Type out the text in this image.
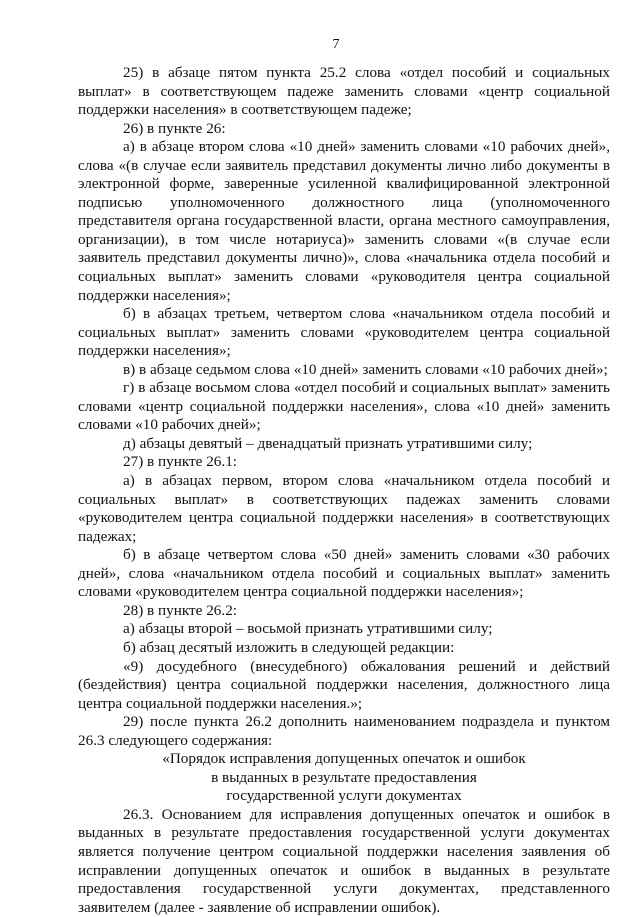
7

25) в абзаце пятом пункта 25.2 слова «отдел пособий и социальных выплат» в соответствующем падеже заменить словами «центр социальной поддержки населения» в соответствующем падеже;

26) в пункте 26:

а) в абзаце втором слова «10 дней» заменить словами «10 рабочих дней», слова «(в случае если заявитель представил документы лично либо документы в электронной форме, заверенные усиленной квалифицированной электронной подписью уполномоченного должностного лица (уполномоченного представителя органа государственной власти, органа местного самоуправления, организации), в том числе нотариуса)» заменить словами «(в случае если заявитель представил документы лично)», слова «начальника отдела пособий и социальных выплат» заменить словами «руководителя центра социальной поддержки населения»;

б) в абзацах третьем, четвертом слова «начальником отдела пособий и социальных выплат» заменить словами «руководителем центра социальной поддержки населения»;

в) в абзаце седьмом слова «10 дней» заменить словами «10 рабочих дней»;

г) в абзаце восьмом слова «отдел пособий и социальных выплат» заменить словами «центр социальной поддержки населения», слова «10 дней» заменить словами «10 рабочих дней»;

д) абзацы девятый – двенадцатый признать утратившими силу;

27) в пункте 26.1:

а) в абзацах первом, втором слова «начальником отдела пособий и социальных выплат» в соответствующих падежах заменить словами «руководителем центра социальной поддержки населения» в соответствующих падежах;

б) в абзаце четвертом слова «50 дней» заменить словами «30 рабочих дней», слова «начальником отдела пособий и социальных выплат» заменить словами «руководителем центра социальной поддержки населения»;

28) в пункте 26.2:

а) абзацы второй – восьмой признать утратившими силу;

б) абзац десятый изложить в следующей редакции:

«9) досудебного (внесудебного) обжалования решений и действий (бездействия) центра социальной поддержки населения, должностного лица центра социальной поддержки населения.»;

29) после пункта 26.2 дополнить наименованием подраздела и пунктом 26.3 следующего содержания:

«Порядок исправления допущенных опечаток и ошибок
в выданных в результате предоставления
государственной услуги документах

26.3. Основанием для исправления допущенных опечаток и ошибок в выданных в результате предоставления государственной услуги документах является получение центром социальной поддержки населения заявления об исправлении допущенных опечаток и ошибок в выданных в результате предоставления государственной услуги документах, представленного заявителем (далее - заявление об исправлении ошибок).
